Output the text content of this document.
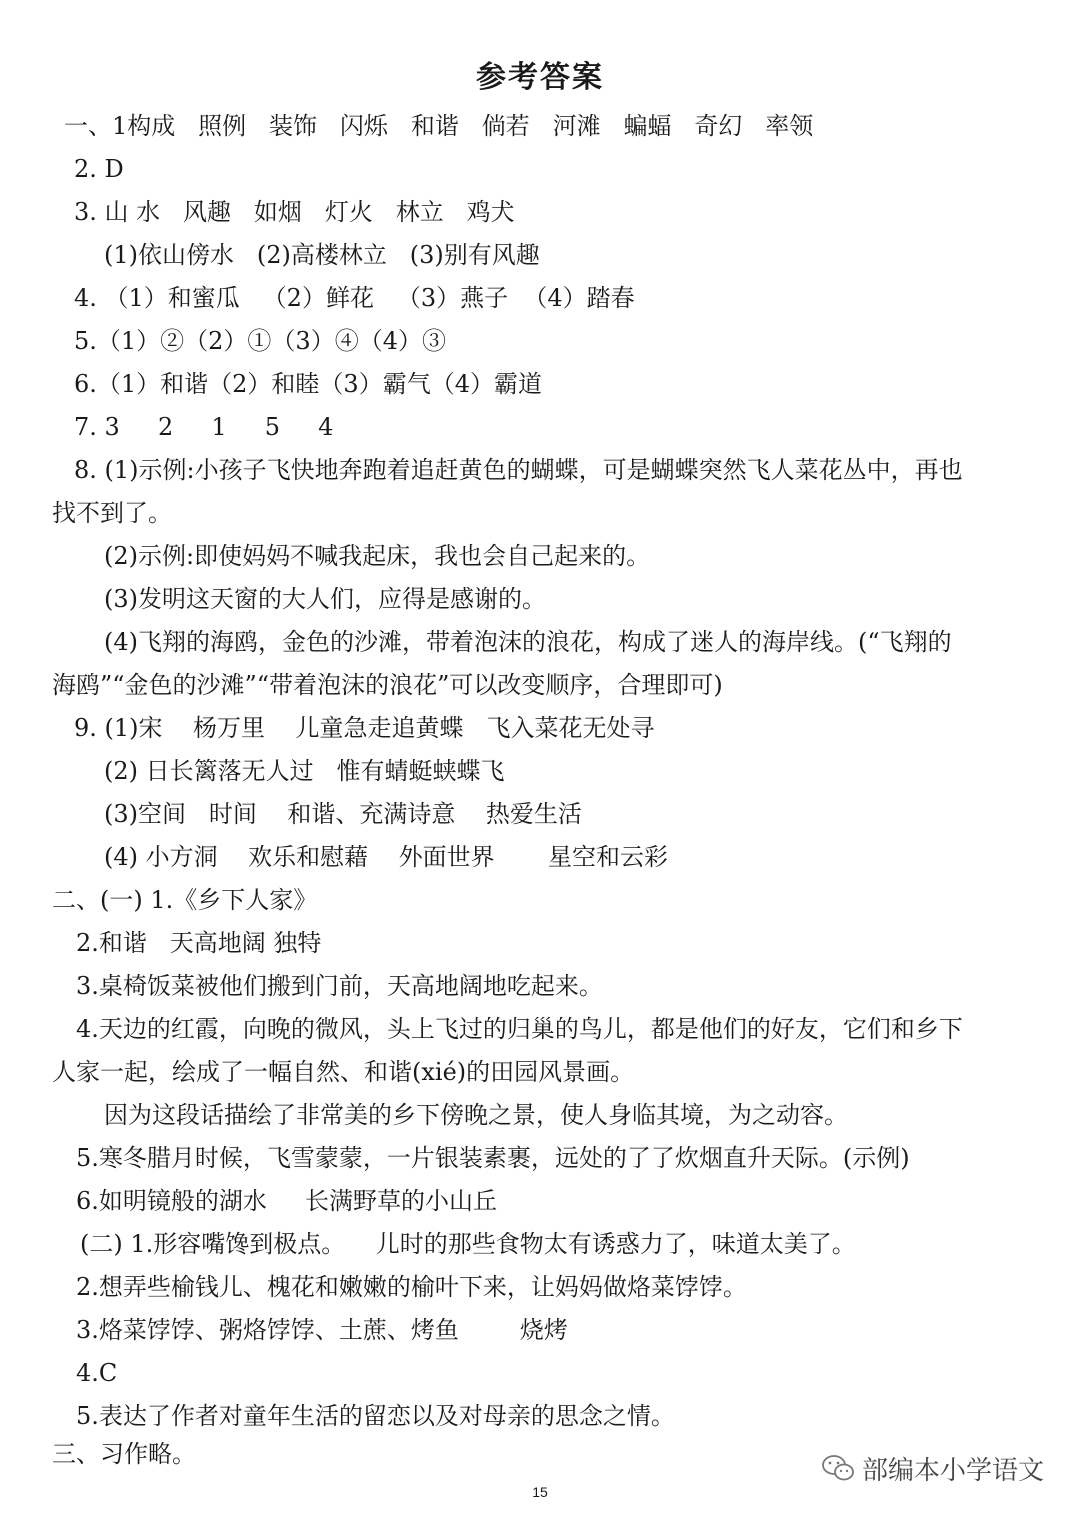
参考答案
一、1构成   照例   装饰   闪烁   和谐   倘若   河滩   蝙蝠   奇幻   率领
2. D
3. 山 水   风趣   如烟   灯火   林立   鸡犬
(1)依山傍水   (2)高楼林立   (3)别有风趣
4. （1）和蜜瓜   （2）鲜花   （3）燕子  （4）踏春
5.（1）②（2）①（3）④（4）③
6.（1）和谐（2）和睦（3）霸气（4）霸道
7. 3     2     1     5     4
8. (1)示例:小孩子飞快地奔跑着追赶黄色的蝴蝶，可是蝴蝶突然飞人菜花丛中，再也
找不到了。
(2)示例:即使妈妈不喊我起床，我也会自己起来的。
(3)发明这天窗的大人们，应得是感谢的。
(4)飞翔的海鸥，金色的沙滩，带着泡沫的浪花，构成了迷人的海岸线。(“飞翔的
海鸥”“金色的沙滩”“带着泡沫的浪花”可以改变顺序，合理即可)
9. (1)宋    杨万里    儿童急走追黄蝶   飞入菜花无处寻
(2) 日长篱落无人过   惟有蜻蜓蛱蝶飞
(3)空间   时间    和谐、充满诗意    热爱生活
(4) 小方洞    欢乐和慰藉    外面世界       星空和云彩
二、(一) 1.《乡下人家》
2.和谐   天高地阔 独特
3.桌椅饭菜被他们搬到门前，天高地阔地吃起来。
4.天边的红霞，向晚的微风，头上飞过的归巢的鸟儿，都是他们的好友，它们和乡下
人家一起，绘成了一幅自然、和谐(xié)的田园风景画。
因为这段话描绘了非常美的乡下傍晚之景，使人身临其境，为之动容。
5.寒冬腊月时候，飞雪蒙蒙，一片银装素裹，远处的了了炊烟直升天际。(示例)
6.如明镜般的湖水     长满野草的小山丘
(二) 1.形容嘴馋到极点。    儿时的那些食物太有诱惑力了，味道太美了。
2.想弄些榆钱儿、槐花和嫩嫩的榆叶下来，让妈妈做烙菜饽饽。
3.烙菜饽饽、粥烙饽饽、土蔗、烤鱼        烧烤
4.C
5.表达了作者对童年生活的留恋以及对母亲的思念之情。
三、习作略。
15
部编本小学语文
